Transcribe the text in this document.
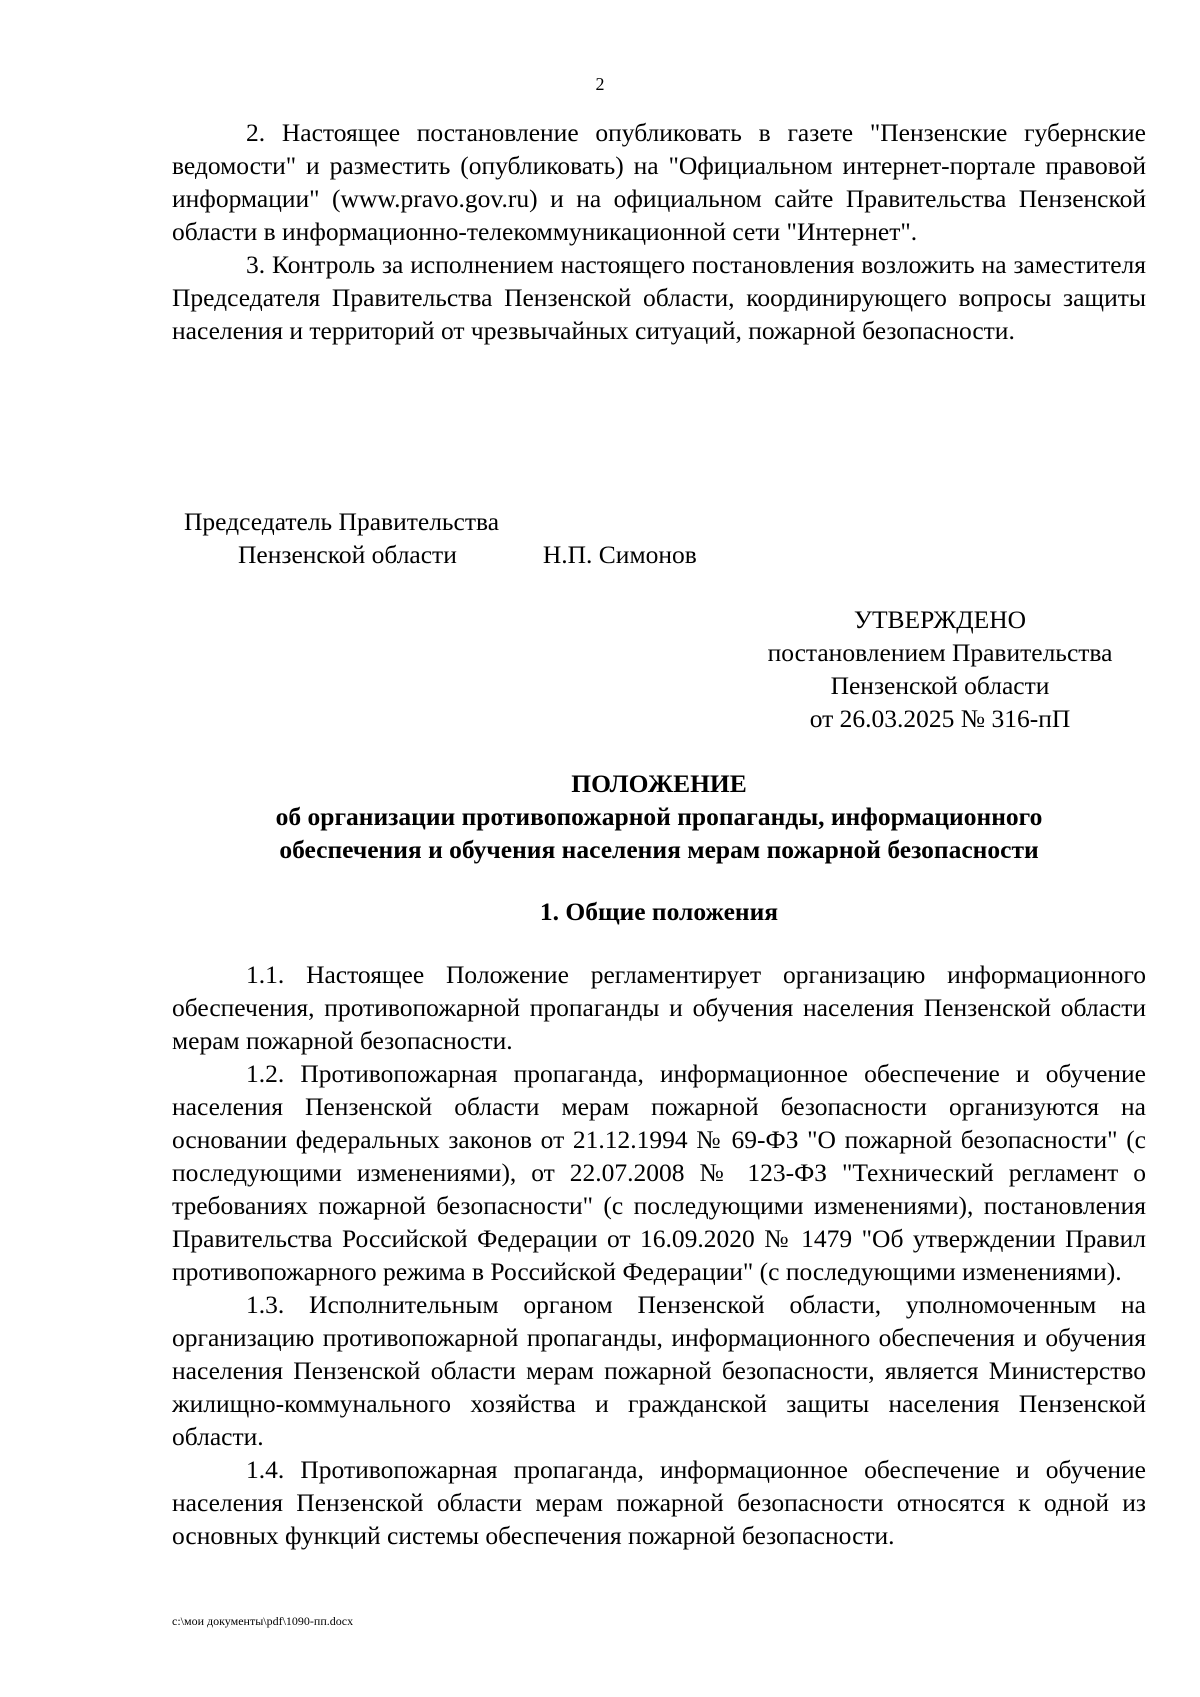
2

2. Настоящее постановление опубликовать в газете "Пензенские губернские ведомости" и разместить (опубликовать) на "Официальном интернет-портале правовой информации" (www.pravo.gov.ru) и на официальном сайте Правительства Пензенской области в информационно-телекоммуникационной сети "Интернет".

3. Контроль за исполнением настоящего постановления возложить на заместителя Председателя Правительства Пензенской области, координирующего вопросы защиты населения и территорий от чрезвычайных ситуаций, пожарной безопасности.

Председатель Правительства
Пензенской области	Н.П. Симонов
УТВЕРЖДЕНО
постановлением Правительства
Пензенской области
от 26.03.2025 № 316-пП
ПОЛОЖЕНИЕ
об организации противопожарной пропаганды, информационного
обеспечения и обучения населения мерам пожарной безопасности
1. Общие положения

1.1. Настоящее Положение регламентирует организацию информационного обеспечения, противопожарной пропаганды и обучения населения Пензенской области мерам пожарной безопасности.

1.2. Противопожарная пропаганда, информационное обеспечение и обучение населения Пензенской области мерам пожарной безопасности организуются на основании федеральных законов от 21.12.1994 № 69-ФЗ "О пожарной безопасности" (с последующими изменениями), от 22.07.2008 № 123-ФЗ "Технический регламент о требованиях пожарной безопасности" (с последующими изменениями), постановления Правительства Российской Федерации от 16.09.2020 № 1479 "Об утверждении Правил противопожарного режима в Российской Федерации" (с последующими изменениями).

1.3. Исполнительным органом Пензенской области, уполномоченным на организацию противопожарной пропаганды, информационного обеспечения и обучения населения Пензенской области мерам пожарной безопасности, является Министерство жилищно-коммунального хозяйства и гражданской защиты населения Пензенской области.

1.4. Противопожарная пропаганда, информационное обеспечение и обучение населения Пензенской области мерам пожарной безопасности относятся к одной из основных функций системы обеспечения пожарной безопасности.

c:\мои документы\pdf\1090-пп.docx
